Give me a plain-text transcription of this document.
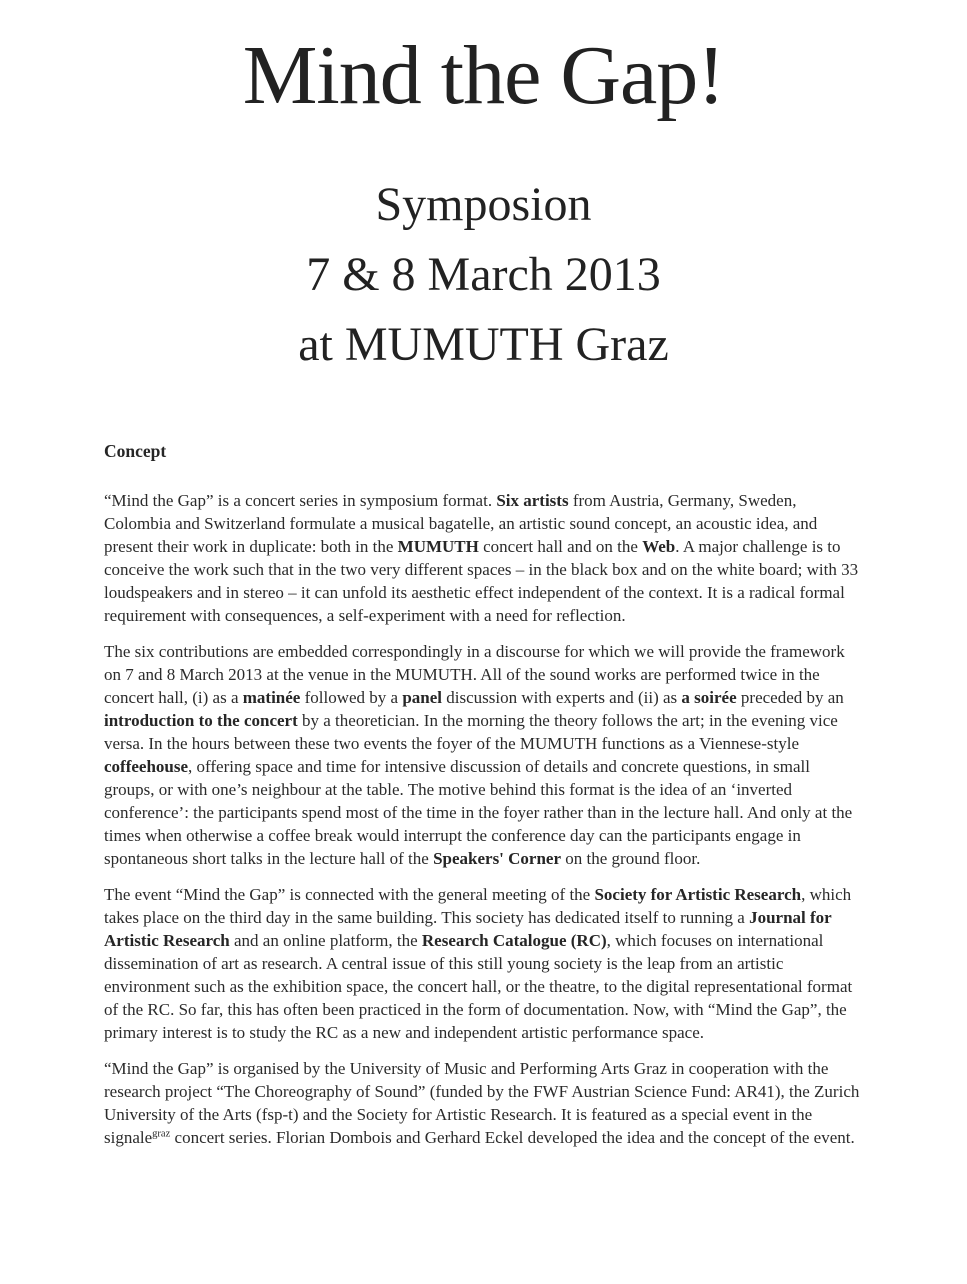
Mind the Gap!
Symposion
7 & 8 March 2013
at MUMUTH Graz
Concept

“Mind the Gap” is a concert series in symposium format. Six artists from Austria, Germany, Sweden, Colombia and Switzerland formulate a musical bagatelle, an artistic sound concept, an acoustic idea, and present their work in duplicate: both in the MUMUTH concert hall and on the Web. A major challenge is to conceive the work such that in the two very different spaces – in the black box and on the white board; with 33 loudspeakers and in stereo – it can unfold its aesthetic effect independent of the context. It is a radical formal requirement with consequences, a self-experiment with a need for reflection.

The six contributions are embedded correspondingly in a discourse for which we will provide the framework on 7 and 8 March 2013 at the venue in the MUMUTH. All of the sound works are performed twice in the concert hall, (i) as a matinée followed by a panel discussion with experts and (ii) as a soirée preceded by an introduction to the concert by a theoretician. In the morning the theory follows the art; in the evening vice versa. In the hours between these two events the foyer of the MUMUTH functions as a Viennese-style coffeehouse, offering space and time for intensive discussion of details and concrete questions, in small groups, or with one’s neighbour at the table. The motive behind this format is the idea of an ‘inverted conference’: the participants spend most of the time in the foyer rather than in the lecture hall. And only at the times when otherwise a coffee break would interrupt the conference day can the participants engage in spontaneous short talks in the lecture hall of the Speakers' Corner on the ground floor.

The event “Mind the Gap” is connected with the general meeting of the Society for Artistic Research, which takes place on the third day in the same building. This society has dedicated itself to running a Journal for Artistic Research and an online platform, the Research Catalogue (RC), which focuses on international dissemination of art as research. A central issue of this still young society is the leap from an artistic environment such as the exhibition space, the concert hall, or the theatre, to the digital representational format of the RC. So far, this has often been practiced in the form of documentation. Now, with “Mind the Gap”, the primary interest is to study the RC as a new and independent artistic performance space.

“Mind the Gap” is organised by the University of Music and Performing Arts Graz in cooperation with the research project “The Choreography of Sound” (funded by the FWF Austrian Science Fund: AR41), the Zurich University of the Arts (fsp-t) and the Society for Artistic Research. It is featured as a special event in the signale$^{graz}$ concert series. Florian Dombois and Gerhard Eckel developed the idea and the concept of the event.
